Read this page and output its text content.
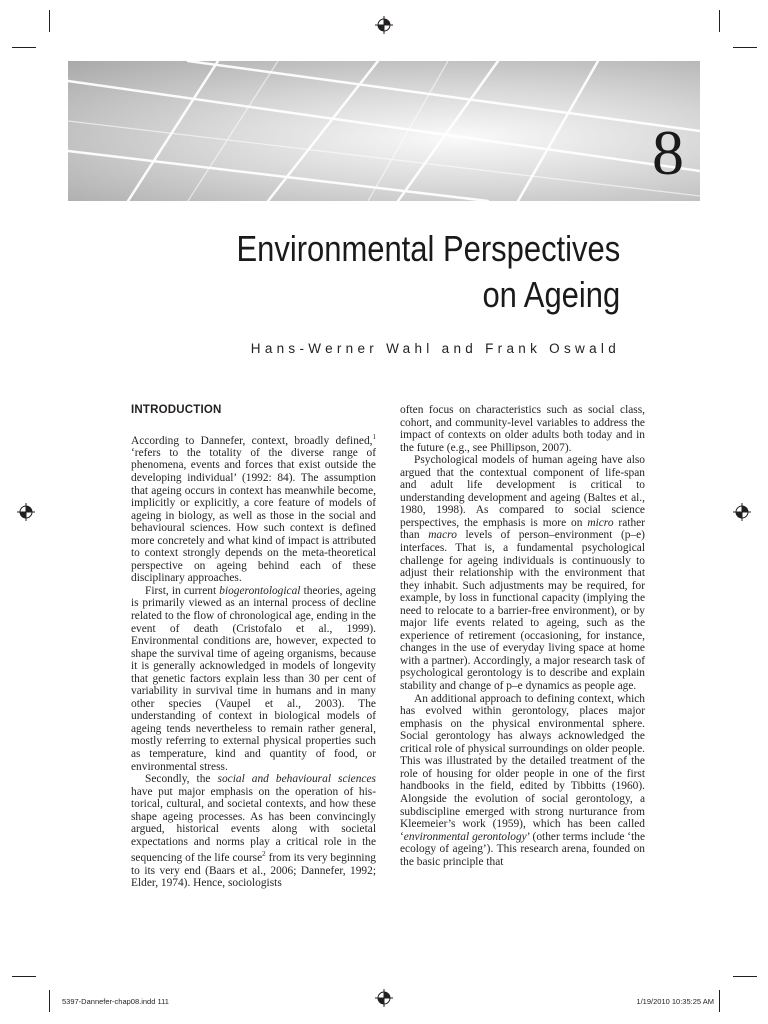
8
Environmental Perspectives
on Ageing
Hans-Werner Wahl and Frank Oswald
INTRODUCTION

According to Dannefer, context, broadly defined,$^1$ ‘refers to the totality of the diverse range of phenomena, events and forces that exist outside the developing individual’ (1992: 84). The assumption that ageing occurs in context has meanwhile become, implicitly or explicitly, a core feature of models of ageing in biology, as well as those in the social and behavioural sciences. How such context is defined more concretely and what kind of impact is attributed to context strongly depends on the meta-theoretical perspective on ageing behind each of these disciplinary approaches.

First, in current biogerontological theories, ageing is primarily viewed as an internal process of decline related to the flow of chronological age, ending in the event of death (Cristofalo et al., 1999). Environmental conditions are, however, expected to shape the survival time of ageing organisms, because it is generally acknowledged in models of longevity that genetic factors explain less than 30 per cent of variability in survival time in humans and in many other species (Vaupel et al., 2003). The understanding of context in biological models of ageing tends nevertheless to remain rather general, mostly referring to external physical properties such as temperature, kind and quantity of food, or environmental stress.

Secondly, the social and behavioural sciences have put major emphasis on the operation of historical, cultural, and societal contexts, and how these shape ageing processes. As has been convincingly argued, historical events along with societal expectations and norms play a critical role in the sequencing of the life course$^2$ from its very beginning to its very end (Baars et al., 2006; Dannefer, 1992; Elder, 1974). Hence, sociologists

often focus on characteristics such as social class, cohort, and community-level variables to address the impact of contexts on older adults both today and in the future (e.g., see Phillipson, 2007).

Psychological models of human ageing have also argued that the contextual component of life-span and adult life development is critical to understanding development and ageing (Baltes et al., 1980, 1998). As compared to social science perspectives, the emphasis is more on micro rather than macro levels of person–environment (p–e) interfaces. That is, a fundamental psychological challenge for ageing individuals is continuously to adjust their relationship with the environment that they inhabit. Such adjustments may be required, for example, by loss in functional capacity (implying the need to relocate to a barrier-free environment), or by major life events related to ageing, such as the experience of retirement (occasioning, for instance, changes in the use of everyday living space at home with a partner). Accordingly, a major research task of psychological gerontology is to describe and explain stability and change of p–e dynamics as people age.

An additional approach to defining context, which has evolved within gerontology, places major emphasis on the physical environmental sphere. Social gerontology has always acknowledged the critical role of physical surroundings on older people. This was illustrated by the detailed treatment of the role of housing for older people in one of the first handbooks in the field, edited by Tibbitts (1960). Alongside the evolution of social gerontology, a subdiscipline emerged with strong nurturance from Kleemeier’s work (1959), which has been called ‘environmental gerontology’ (other terms include ‘the ecology of ageing’). This research arena, founded on the basic principle that

5397-Dannefer-chap08.indd 111	1/19/2010 10:35:25 AM
